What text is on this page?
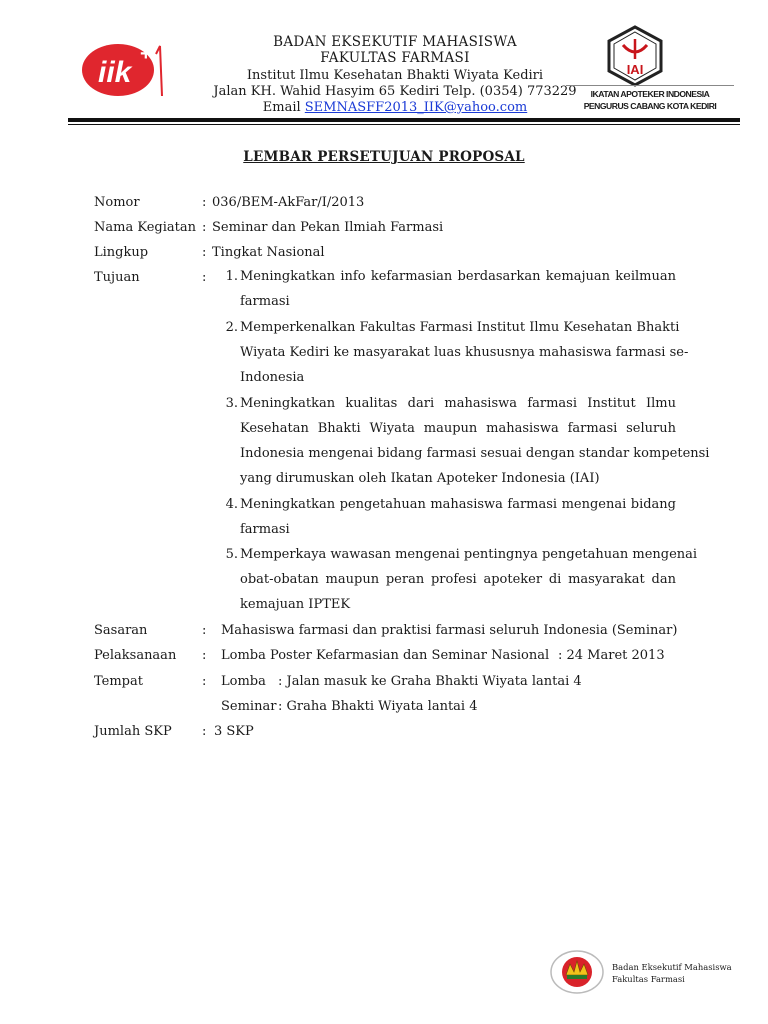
iik
+
BADAN EKSEKUTIF MAHASISWA
FAKULTAS FARMASI
Institut Ilmu Kesehatan Bhakti Wiyata Kediri
Jalan KH. Wahid Hasyim 65 Kediri Telp. (0354) 773229
Email SEMNASFF2013_IIK@yahoo.com
IAI
IKATAN APOTEKER INDONESIA
PENGURUS CABANG KOTA KEDIRI
LEMBAR PERSETUJUAN PROPOSAL
Nomor	: 036/BEM-AkFar/I/2013
Nama Kegiatan : Seminar dan Pekan Ilmiah Farmasi
Lingkup	: Tingkat Nasional
Tujuan	:	1. Meningkatkan info kefarmasian berdasarkan kemajuan keilmuan
farmasi
2. Memperkenalkan Fakultas Farmasi Institut Ilmu Kesehatan Bhakti
Wiyata Kediri ke masyarakat luas khususnya mahasiswa farmasi se-
Indonesia
3. Meningkatkan kualitas dari mahasiswa farmasi Institut Ilmu
Kesehatan Bhakti Wiyata maupun mahasiswa farmasi seluruh
Indonesia mengenai bidang farmasi sesuai dengan standar kompetensi
yang dirumuskan oleh Ikatan Apoteker Indonesia (IAI)
4. Meningkatkan pengetahuan mahasiswa farmasi mengenai bidang
farmasi
5. Memperkaya wawasan mengenai pentingnya pengetahuan mengenai
obat-obatan maupun peran profesi apoteker di masyarakat dan
kemajuan IPTEK
Sasaran	: Mahasiswa farmasi dan praktisi farmasi seluruh Indonesia (Seminar)
Pelaksanaan : Lomba Poster Kefarmasian dan Seminar Nasional : 24 Maret 2013
Tempat	: Lomba : Jalan masuk ke Graha Bhakti Wiyata lantai 4
Seminar : Graha Bhakti Wiyata lantai 4
Jumlah SKP : 3 SKP
Badan Eksekutif Mahasiswa
Fakultas Farmasi
